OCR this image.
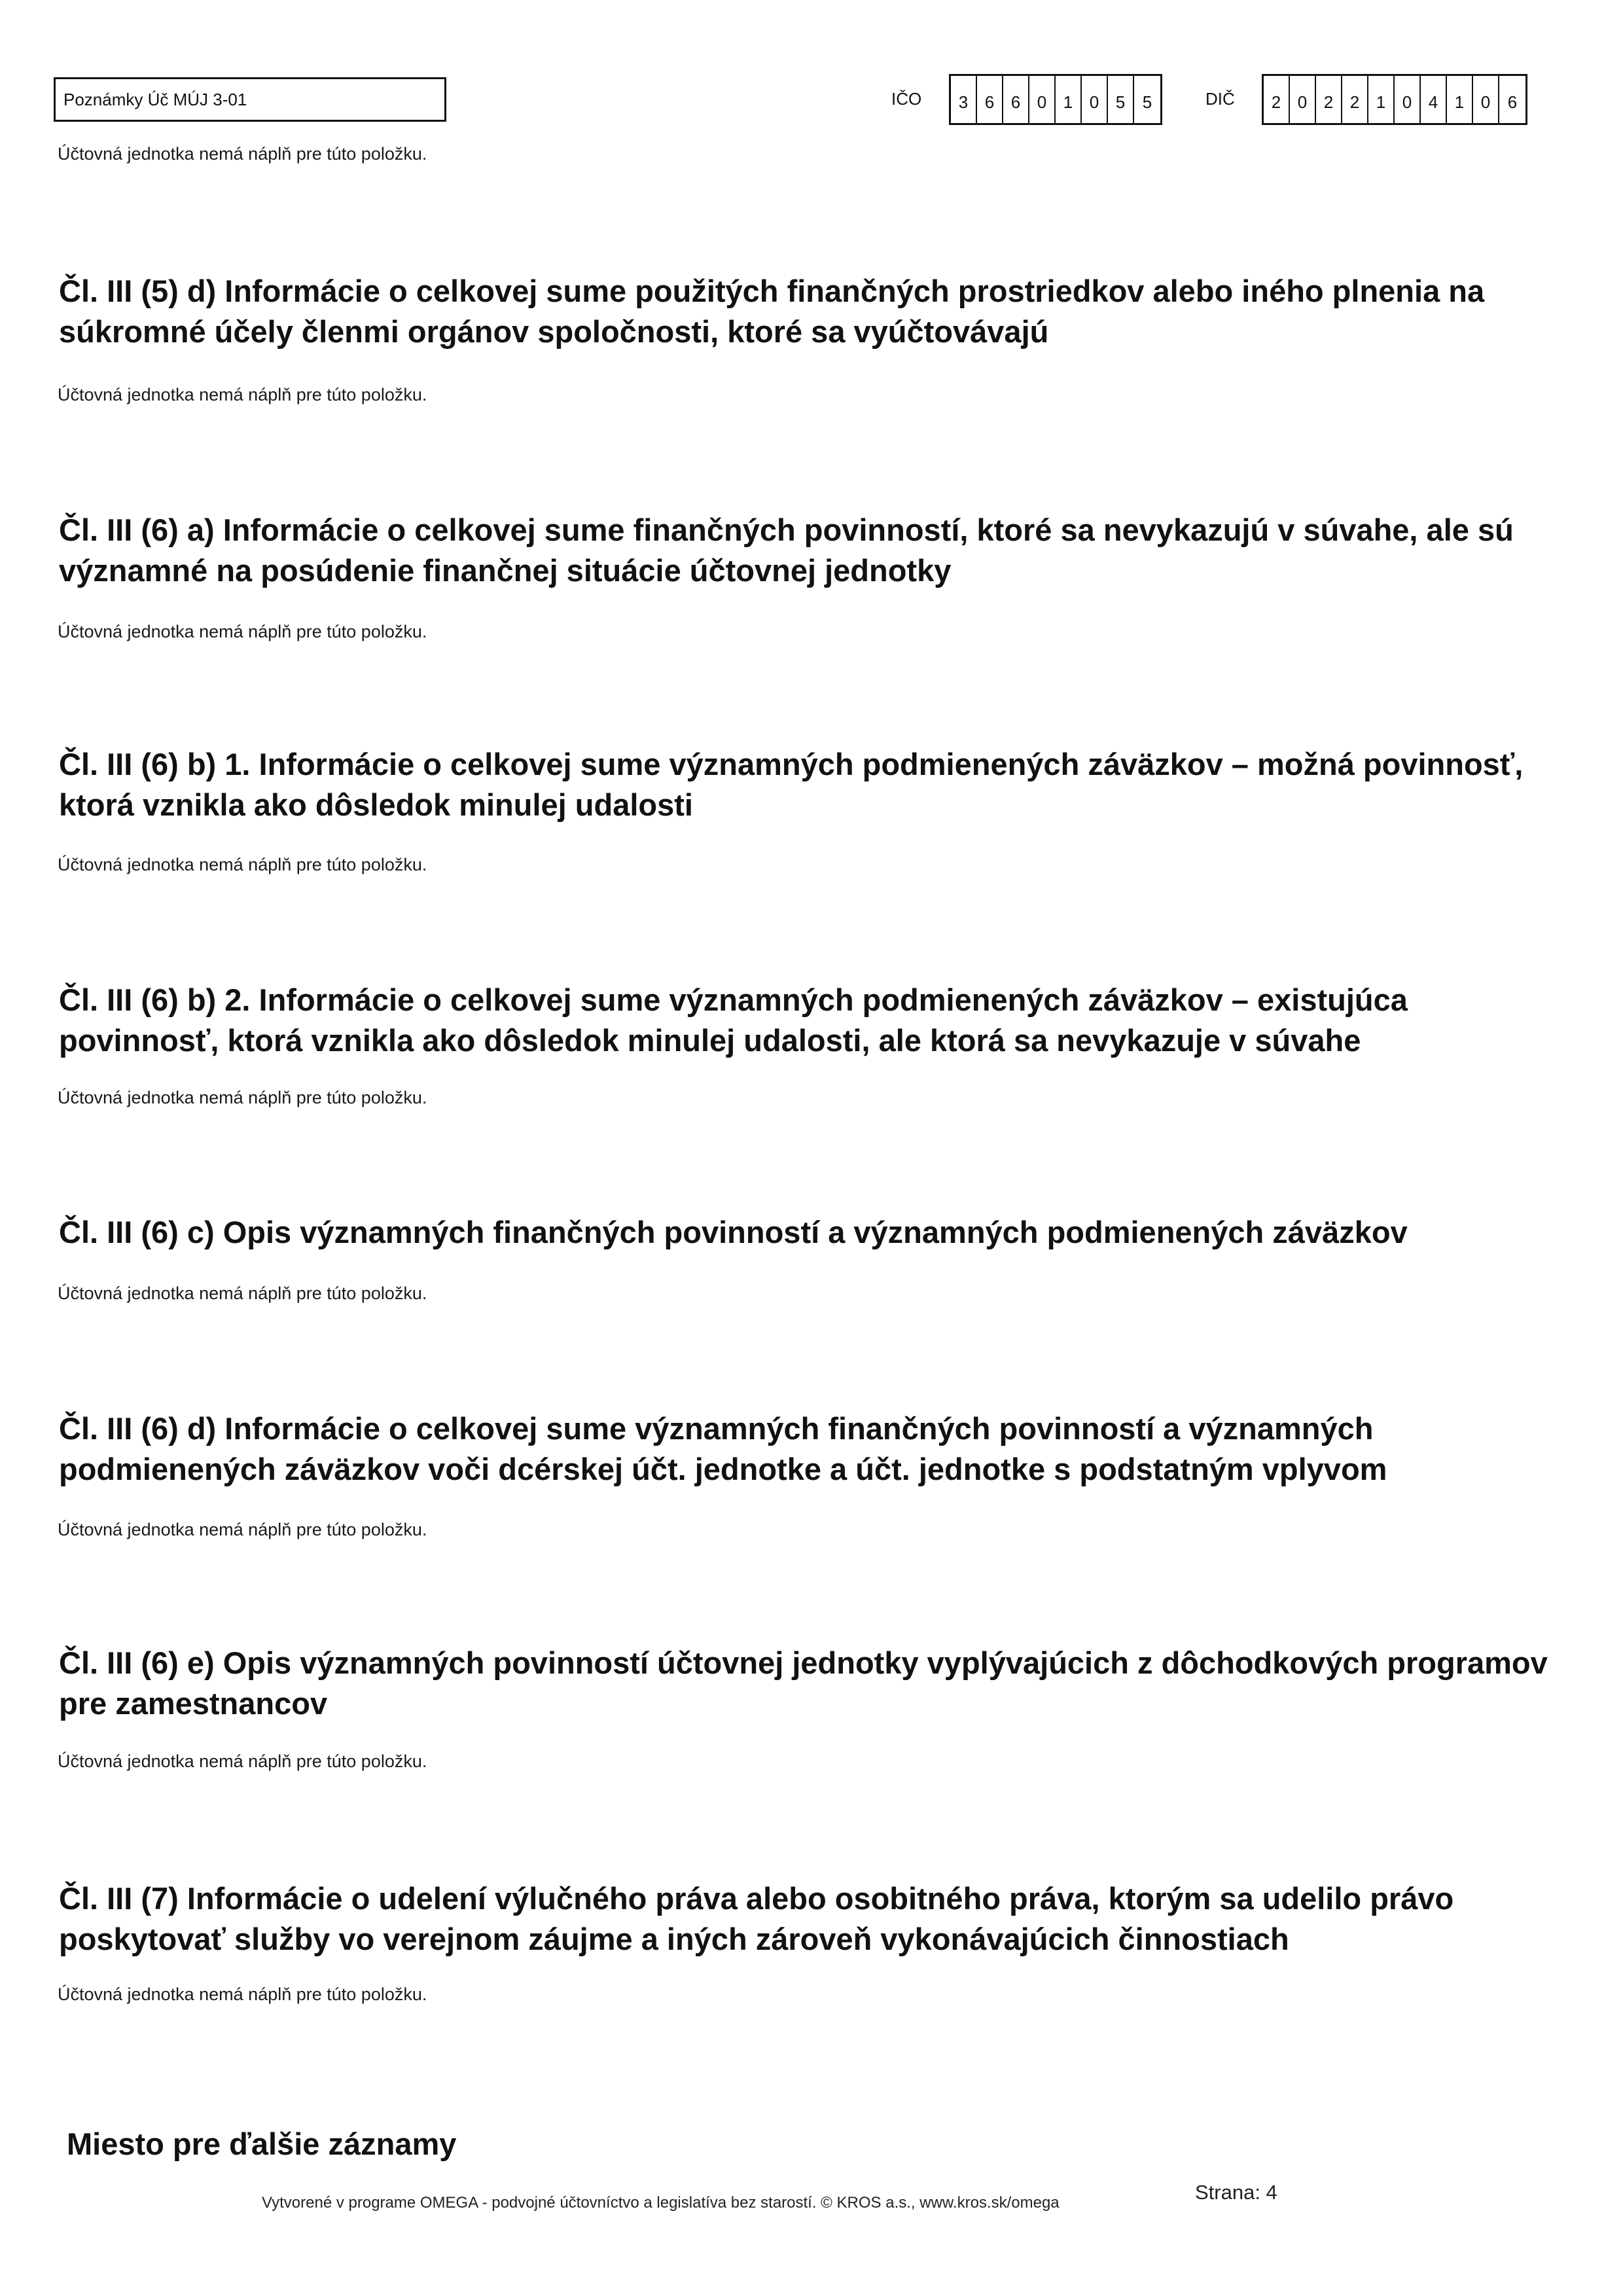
Poznámky Úč MÚJ 3-01	IČO	3 6 6 0 1 0 5	5	DIČ	2 0 2 2 1 0 4 1 0	6
Účtovná jednotka nemá náplň pre túto položku.
Čl. III (5) d) Informácie o celkovej sume použitých finančných prostriedkov alebo iného plnenia na súkromné účely členmi orgánov spoločnosti, ktoré sa vyúčtovávajú
Účtovná jednotka nemá náplň pre túto položku.
Čl. III (6) a) Informácie o celkovej sume finančných povinností, ktoré sa nevykazujú v súvahe, ale sú významné na posúdenie finančnej situácie účtovnej jednotky
Účtovná jednotka nemá náplň pre túto položku.
Čl. III (6) b) 1. Informácie o celkovej sume významných podmienených záväzkov – možná povinnosť, ktorá vznikla ako dôsledok minulej udalosti
Účtovná jednotka nemá náplň pre túto položku.
Čl. III (6) b) 2. Informácie o celkovej sume významných podmienených záväzkov – existujúca povinnosť, ktorá vznikla ako dôsledok minulej udalosti, ale ktorá sa nevykazuje v súvahe
Účtovná jednotka nemá náplň pre túto položku.
Čl. III (6) c) Opis významných finančných povinností a významných podmienených záväzkov
Účtovná jednotka nemá náplň pre túto položku.
Čl. III (6) d) Informácie o celkovej sume významných finančných povinností a významných podmienených záväzkov voči dcérskej účt. jednotke a účt. jednotke s podstatným vplyvom
Účtovná jednotka nemá náplň pre túto položku.
Čl. III (6) e) Opis významných povinností účtovnej jednotky vyplývajúcich z dôchodkových programov pre zamestnancov
Účtovná jednotka nemá náplň pre túto položku.
Čl. III (7) Informácie o udelení výlučného práva alebo osobitného práva, ktorým sa udelilo právo poskytovať služby vo verejnom záujme a iných zároveň vykonávajúcich činnostiach
Účtovná jednotka nemá náplň pre túto položku.
Miesto pre ďalšie záznamy
Vytvorené v programe OMEGA - podvojné účtovníctvo a legislatíva bez starostí. © KROS a.s., www.kros.sk/omega	Strana: 4
